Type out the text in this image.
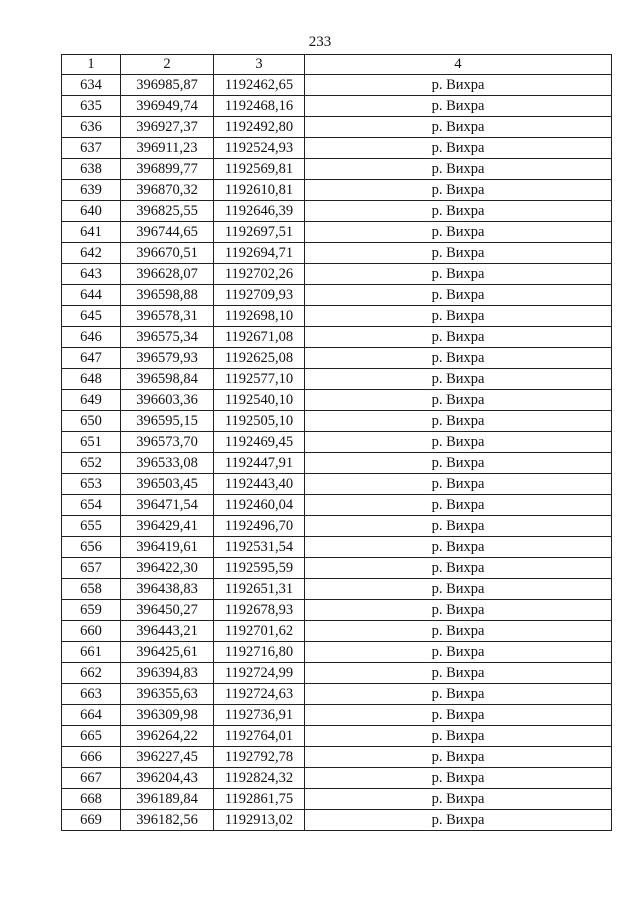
233
1	2	3	4
634	396985,87	1192462,65	р. Вихра
635	396949,74	1192468,16	р. Вихра
636	396927,37	1192492,80	р. Вихра
637	396911,23	1192524,93	р. Вихра
638	396899,77	1192569,81	р. Вихра
639	396870,32	1192610,81	р. Вихра
640	396825,55	1192646,39	р. Вихра
641	396744,65	1192697,51	р. Вихра
642	396670,51	1192694,71	р. Вихра
643	396628,07	1192702,26	р. Вихра
644	396598,88	1192709,93	р. Вихра
645	396578,31	1192698,10	р. Вихра
646	396575,34	1192671,08	р. Вихра
647	396579,93	1192625,08	р. Вихра
648	396598,84	1192577,10	р. Вихра
649	396603,36	1192540,10	р. Вихра
650	396595,15	1192505,10	р. Вихра
651	396573,70	1192469,45	р. Вихра
652	396533,08	1192447,91	р. Вихра
653	396503,45	1192443,40	р. Вихра
654	396471,54	1192460,04	р. Вихра
655	396429,41	1192496,70	р. Вихра
656	396419,61	1192531,54	р. Вихра
657	396422,30	1192595,59	р. Вихра
658	396438,83	1192651,31	р. Вихра
659	396450,27	1192678,93	р. Вихра
660	396443,21	1192701,62	р. Вихра
661	396425,61	1192716,80	р. Вихра
662	396394,83	1192724,99	р. Вихра
663	396355,63	1192724,63	р. Вихра
664	396309,98	1192736,91	р. Вихра
665	396264,22	1192764,01	р. Вихра
666	396227,45	1192792,78	р. Вихра
667	396204,43	1192824,32	р. Вихра
668	396189,84	1192861,75	р. Вихра
669	396182,56	1192913,02	р. Вихра
